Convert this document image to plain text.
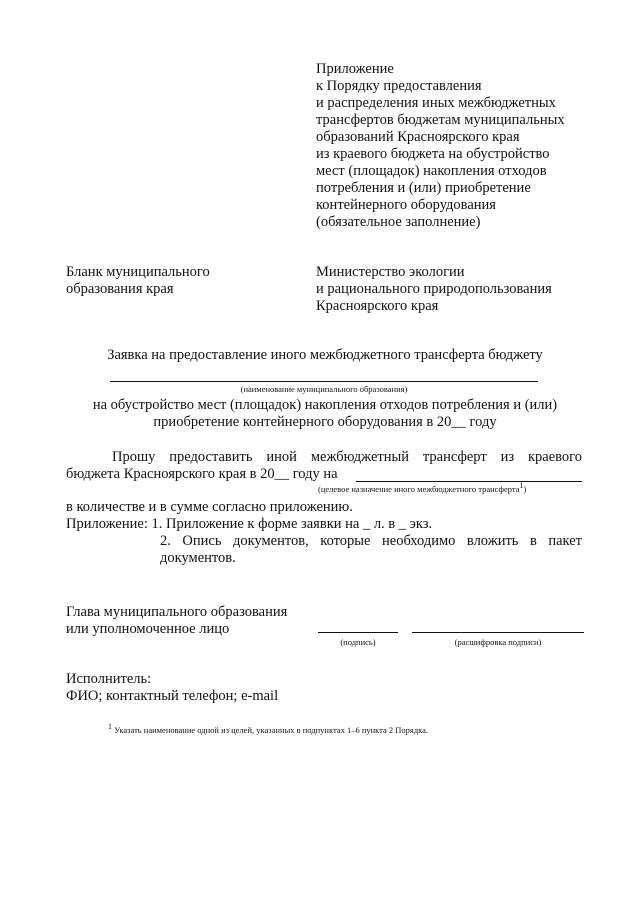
Приложение
к Порядку предоставления
и распределения иных межбюджетных
трансфертов бюджетам муниципальных
образований Красноярского края
из краевого бюджета на обустройство
мест (площадок) накопления отходов
потребления и (или) приобретение
контейнерного оборудования
(обязательное заполнение)
Бланк муниципального
образования края
Министерство экологии
и рационального природопользования
Красноярского края
Заявка на предоставление иного межбюджетного трансферта бюджету
(наименование муниципального образования)
на обустройство мест (площадок) накопления отходов потребления и (или)
приобретение контейнерного оборудования в 20__ году
Прошу предоставить иной межбюджетный трансферт из краевого
бюджета Красноярского края в 20__ году на
(целевое назначение иного межбюджетного трансферта$^1$)
в количестве и в сумме согласно приложению.
Приложение: 1. Приложение к форме заявки на _ л. в _ экз.
2. Опись документов, которые необходимо вложить в пакет
документов.
Глава муниципального образования
или уполномоченное лицо
(подпись)	(расшифровка подписи)
Исполнитель:
ФИО; контактный телефон; e-mail
$^1$ Указать наименование одной из целей, указанных в подпунктах 1–6 пункта 2 Порядка.
